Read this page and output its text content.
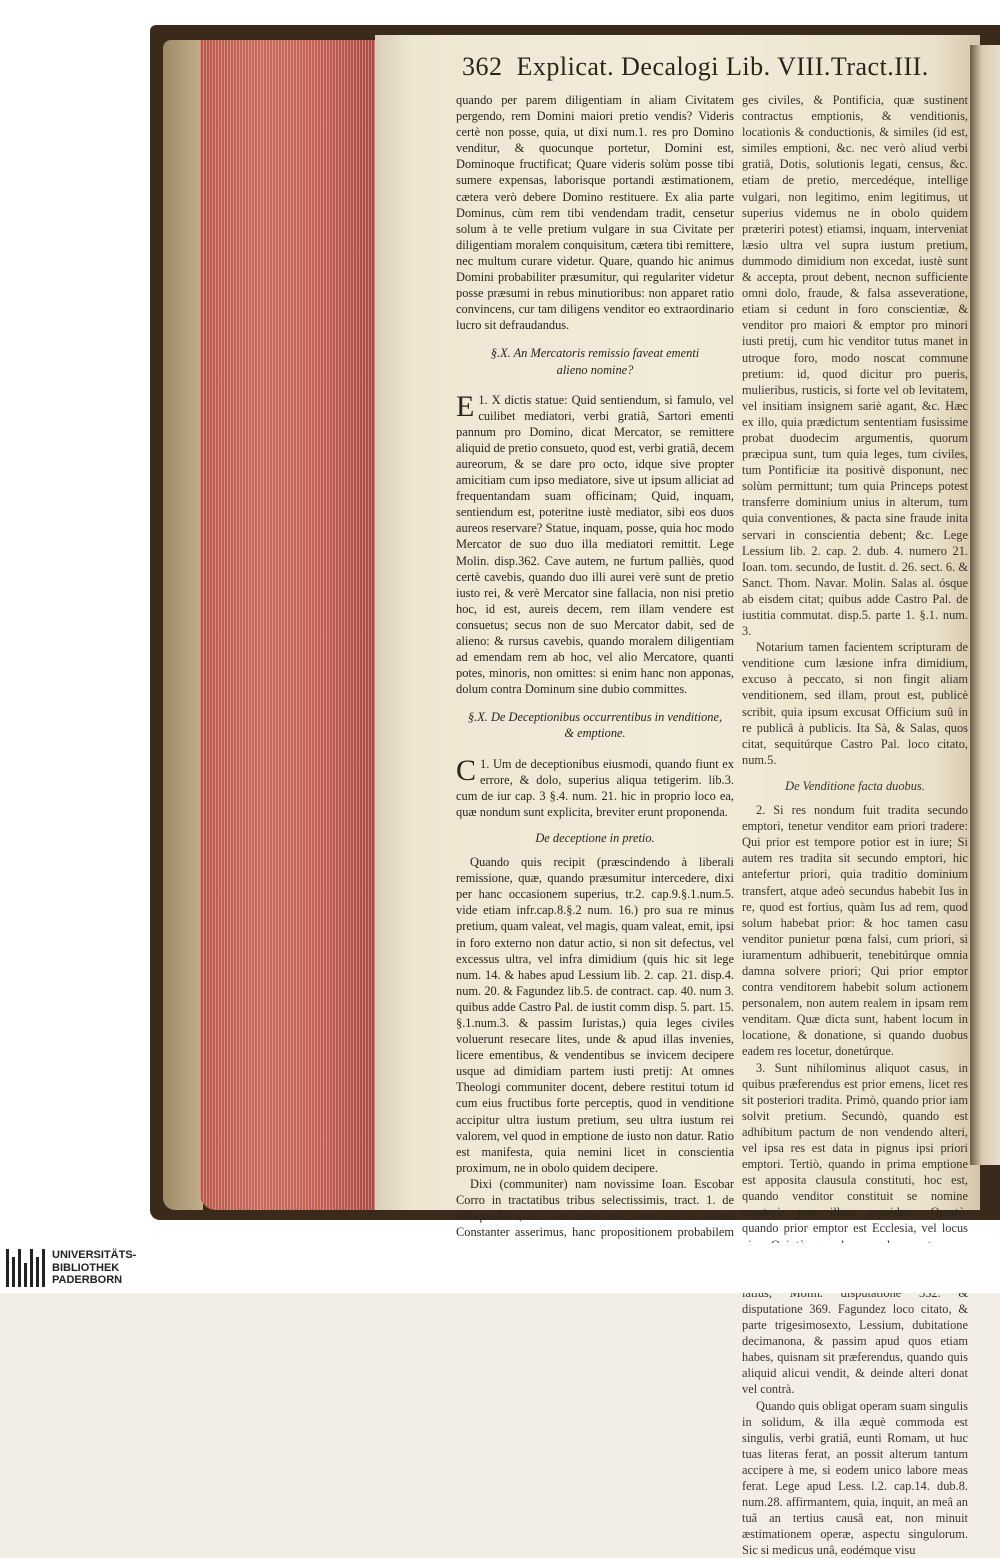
362 Explicat. Decalogi Lib. VIII.Tract.III.

quando per parem diligentiam in aliam Civitatem pergendo, rem Domini maiori pretio vendis? Videris certè non posse, quia, ut dixi num.1. res pro Domino venditur, & quocunque portetur, Domini est, Dominoque fructificat; Quare videris solùm posse tibi sumere expensas, laborisque portandi æstimationem, cætera verò debere Domino restituere. Ex alia parte Dominus, cùm rem tibi vendendam tradit, censetur solum à te velle pretium vulgare in sua Civitate per diligentiam moralem conquisitum, cætera tibi remittere, nec multum curare videtur. Quare, quando hic animus Domini probabiliter præsumitur, qui regulariter videtur posse præsumi in rebus minutioribus: non apparet ratio convincens, cur tam diligens venditor eo extraordinario lucro sit defraudandus.

§.X. An Mercatoris remissio faveat ementi
alieno nomine?

1.
E X dictis statue: Quid sentiendum, si famulo, vel cuilibet mediatori, verbi gratiâ, Sartori ementi pannum pro Domino, dicat Mercator, se remittere aliquid de pretio consueto, quod est, verbi gratiâ, decem aureorum, & se dare pro octo, idque sive propter amicitiam cum ipso mediatore, sive ut ipsum alliciat ad frequentandam suam officinam; Quid, inquam, sentiendum est, poteritne iustè mediator, sibi eos duos aureos reservare? Statue, inquam, posse, quia hoc modo Mercator de suo duo illa mediatori remittit. Lege Molin. disp.362. Cave autem, ne furtum palliès, quod certè cavebis, quando duo illi aurei verè sunt de pretio iusto rei, & verè Mercator sine fallacia, non nisi pretio hoc, id est, aureis decem, rem illam vendere est consuetus; secus non de suo Mercator dabit, sed de alieno: & rursus cavebis, quando moralem diligentiam ad emendam rem ab hoc, vel alio Mercatore, quanti potes, minoris, non omittes: si enim hanc non apponas, dolum contra Dominum sine dubio committes.

§.X. De Deceptionibus occurrentibus in venditione,
& emptione.

1.
C Um de deceptionibus eiusmodi, quando fiunt ex errore, & dolo, superius aliqua tetigerim. lib.3. cum de iur cap. 3 §.4. num. 21. hic in proprio loco ea, quæ nondum sunt explicita, breviter erunt proponenda.

De deceptione in pretio.

Quando quis recipit (præscindendo à liberali remissione, quæ, quando præsumitur intercedere, dixi per hanc occasionem superius, tr.2. cap.9.§.1.num.5. vide etiam infr.cap.8.§.2 num. 16.) pro sua re minus pretium, quam valeat, vel magis, quam valeat, emit, ipsi in foro externo non datur actio, si non sit defectus, vel excessus ultra, vel infra dimidium (quis hic sit lege num. 14. & habes apud Lessium lib. 2. cap. 21. disp.4. num. 20. & Fagundez lib.5. de contract. cap. 40. num 3. quibus adde Castro Pal. de iustit comm disp. 5. part. 15. §.1.num.3. & passim Iuristas,) quia leges civiles voluerunt resecare lites, unde & apud illas invenies, licere ementibus, & vendentibus se invicem decipere usque ad dimidiam partem iusti pretij: At omnes Theologi communiter docent, debere restitui totum id cum eius fructibus forte perceptis, quod in venditione accipitur ultra iustum pretium, seu ultra iustum rei valorem, vel quod in emptione de iusto non datur. Ratio est manifesta, quia nemini licet in conscientia proximum, ne in obolo quidem decipere.

Dixi (communiter) nam novissime Ioan. Escobar Corro in tractatibus tribus selectissimis, tract. 1. de utroque foro, art. 5. in calce artic. num. 36. sic habet: Constanter asserimus, hanc propositionem probabilem

ges civiles, & Pontificia, quæ sustinent contractus emptionis, & venditionis, locationis & conductionis, & similes (id est, similes emptioni, &c. nec verò aliud verbi gratiâ, Dotis, solutionis legati, census, &c. etiam de pretio, mercedéque, intellige vulgari, non legitimo, enim legitimus, ut superius videmus ne in obolo quidem præteriri potest) etiamsi, inquam, interveniat læsio ultra vel supra iustum pretium, dummodo dimidium non excedat, iustè sunt & accepta, prout debent, necnon sufficiente omni dolo, fraude, & falsa asseveratione, etiam si cedunt in foro conscientiæ, & venditor pro maiori & emptor pro minori iusti pretij, cum hic venditor tutus manet in utroque foro, modo noscat commune pretium: id, quod dicitur pro pueris, mulieribus, rusticis, si forte vel ob levitatem, vel insitiam insignem sariè agant, &c. Hæc ex illo, quia prædictum sententiam fusissime probat duodecim argumentis, quorum præcipua sunt, tum quia leges, tum civiles, tum Pontificiæ ita positivè disponunt, nec solùm permittunt; tum quia Princeps potest transferre dominium unius in alterum, tum quia conventiones, & pacta sine fraude inita servari in conscientia debent; &c. Lege Lessium lib. 2. cap. 2. dub. 4. numero 21. Ioan. tom. secundo, de Iustit. d. 26. sect. 6. & Sanct. Thom. Navar. Molin. Salas al. ósque ab eisdem citat; quibus adde Castro Pal. de iustitia commutat. disp.5. parte 1. §.1. num. 3.

Notarium tamen facientem scripturam de venditione cum læsione infra dimidium, excuso à peccato, si non fingit aliam venditionem, sed illam, prout est, publicè scribit, quia ipsum excusat Officium suû in re publicâ à publicis. Ita Sà, & Salas, quos citat, sequitúrque Castro Pal. loco citato, num.5.

De Venditione facta duobus.

2. Si res nondum fuit tradita secundo emptori, tenetur venditor eam priori tradere: Qui prior est tempore potior est in iure; Si autem res tradita sit secundo emptori, hic antefertur priori, quia traditio dominium transfert, atque adeò secundus habebit Ius in re, quod est fortius, quàm Ius ad rem, quod solum habebat prior: & hoc tamen casu venditor punietur pœna falsi, cum priori, si iuramentum adhibuerit, tenebitúrque omnia damna solvere priori; Qui prior emptor contra venditorem habebit solum actionem personalem, non autem realem in ipsam rem venditam. Quæ dicta sunt, habent locum in locatione, & donatione, si quando duobus eadem res locetur, donetúrque.

3. Sunt nihilominus aliquot casus, in quibus præferendus est prior emens, licet res sit posteriori tradita. Primò, quando prior iam solvit pretium. Secundò, quando est adhibitum pactum de non vendendo alteri, vel ipsa res est data in pignus ipsi priori emptori. Tertiò, quando in prima emptione est apposita clausula constituti, hoc est, quando venditor constituit se nomine emptoris rem illam possidere. Quartò, quando prior emptor est Ecclesia, vel locus disputatione 369. Fagundez loco citato, & parte trigesimosexto, Lessium, dubitatione decimanona, & passim apud quos etiam habes, quisnam sit præferendus, quando quis aliquid alicui vendit, & deinde alteri donat vel contrà.

Quando quis obligat operam suam singulis in solidum, & illa æquè commoda est singulis, verbi gratiâ, eunti Romam, ut huc tuas literas ferat, an possit alterum tantum accipere à me, si eodem unico labore meas ferat. Lege apud Less. l.2. cap.14. dub.8. num.28. affirmantem, quia, inquit, an meâ an tuâ an tertius causâ eat, non minuit æstimationem operæ, aspectu singulorum. Sic si medicus unâ, eodémque visu

UNIVERSITÄTS-
BIBLIOTHEK
PADERBORN
